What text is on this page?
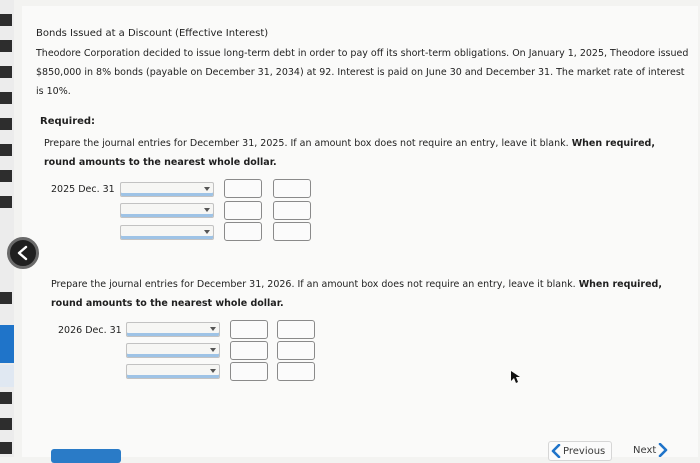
Bonds Issued at a Discount (Effective Interest)
Theodore Corporation decided to issue long-term debt in order to pay off its short-term obligations. On January 1, 2025, Theodore issued $850,000 in 8% bonds (payable on December 31, 2034) at 92. Interest is paid on June 30 and December 31. The market rate of interest is 10%.
Required:
Prepare the journal entries for December 31, 2025. If an amount box does not require an entry, leave it blank. When required, round amounts to the nearest whole dollar.
2025 Dec. 31
Prepare the journal entries for December 31, 2026. If an amount box does not require an entry, leave it blank. When required, round amounts to the nearest whole dollar.
2026 Dec. 31
Previous	Next
